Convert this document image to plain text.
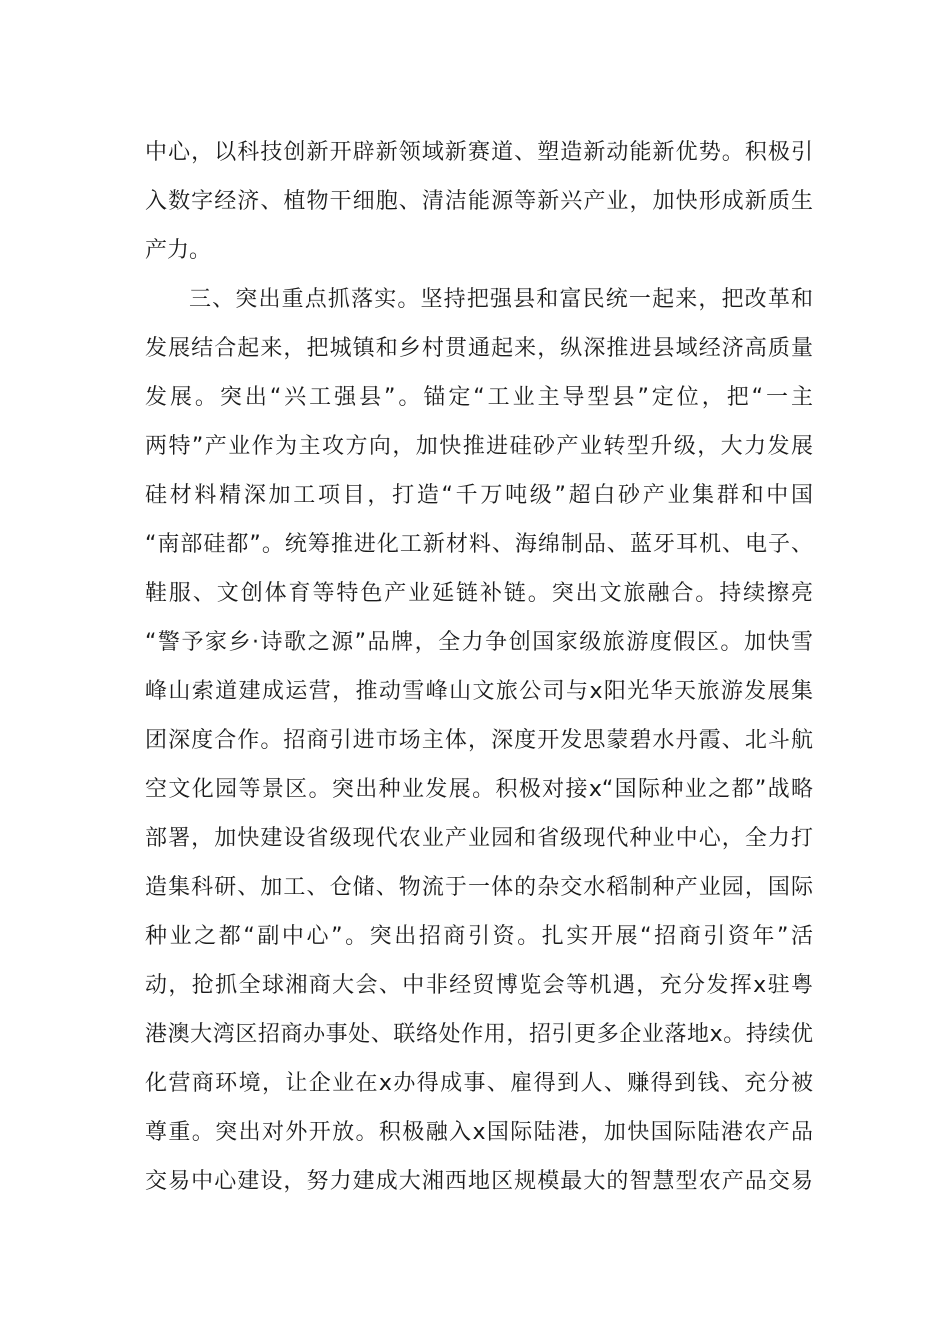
中心，以科技创新开辟新领域新赛道、塑造新动能新优势。积极引
入数字经济、植物干细胞、清洁能源等新兴产业，加快形成新质生
产力。
三、突出重点抓落实。坚持把强县和富民统一起来，把改革和
发展结合起来，把城镇和乡村贯通起来，纵深推进县域经济高质量
发展。突出“兴工强县”。锚定“工业主导型县”定位，把“一主
两特”产业作为主攻方向，加快推进硅砂产业转型升级，大力发展
硅材料精深加工项目，打造“千万吨级”超白砂产业集群和中国
“南部硅都”。统筹推进化工新材料、海绵制品、蓝牙耳机、电子、
鞋服、文创体育等特色产业延链补链。突出文旅融合。持续擦亮
“警予家乡·诗歌之源”品牌，全力争创国家级旅游度假区。加快雪
峰山索道建成运营，推动雪峰山文旅公司与x阳光华天旅游发展集
团深度合作。招商引进市场主体，深度开发思蒙碧水丹霞、北斗航
空文化园等景区。突出种业发展。积极对接x“国际种业之都”战略
部署，加快建设省级现代农业产业园和省级现代种业中心，全力打
造集科研、加工、仓储、物流于一体的杂交水稻制种产业园，国际
种业之都“副中心”。突出招商引资。扎实开展“招商引资年”活
动，抢抓全球湘商大会、中非经贸博览会等机遇，充分发挥x驻粤
港澳大湾区招商办事处、联络处作用，招引更多企业落地x。持续优
化营商环境，让企业在x办得成事、雇得到人、赚得到钱、充分被
尊重。突出对外开放。积极融入x国际陆港，加快国际陆港农产品
交易中心建设，努力建成大湘西地区规模最大的智慧型农产品交易
